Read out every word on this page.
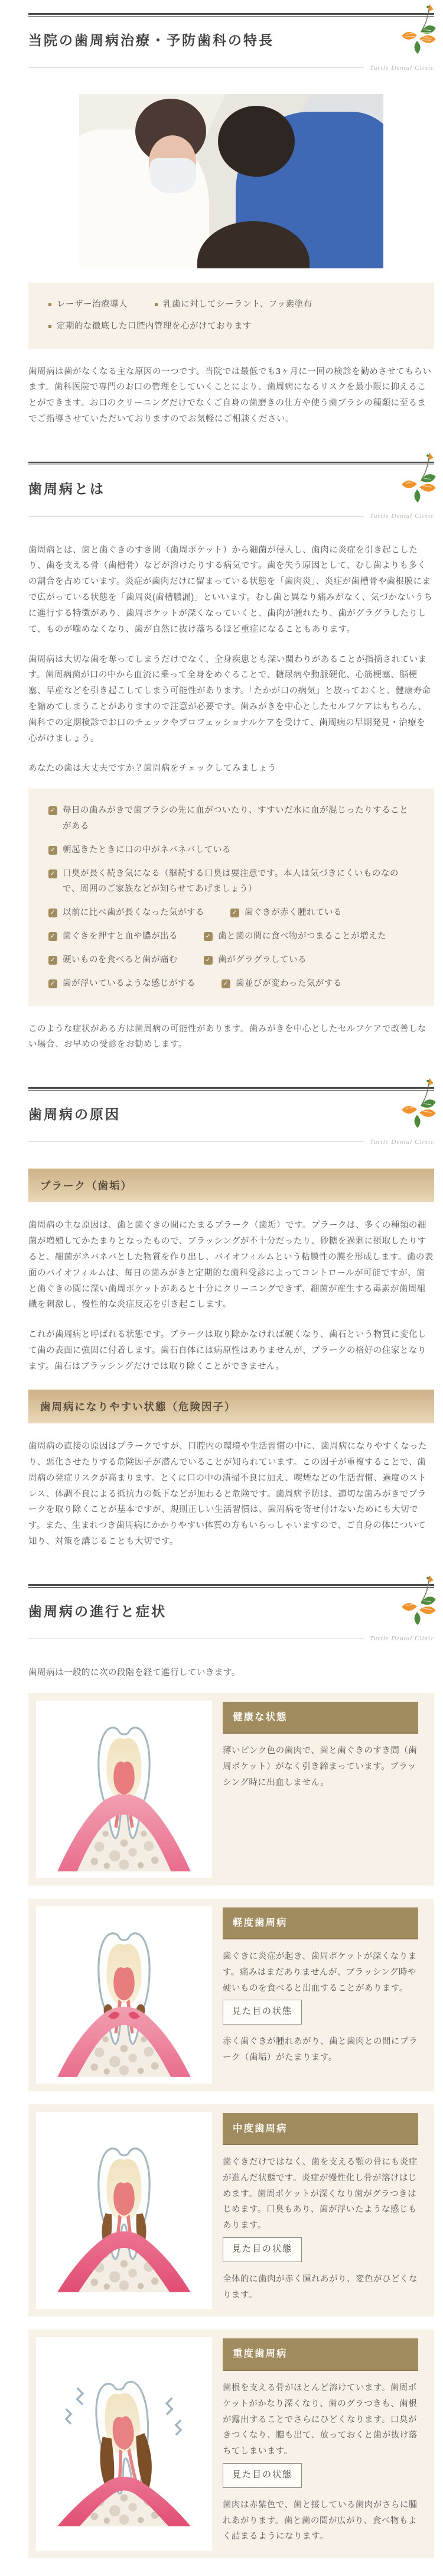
当院の歯周病治療・予防歯科の特長
Turtle Dental Clinic
レーザー治療導入	乳歯に対してシーラント、フッ素塗布
定期的な徹底した口腔内管理を心がけております

歯周病は歯がなくなる主な原因の一つです。当院では最低でも3ヶ月に一回の検診を勧めさせてもらいます。歯科医院で専門のお口の管理をしていくことにより、歯周病になるリスクを最小限に抑えることができます。お口のクリーニングだけでなくご自身の歯磨きの仕方や使う歯ブラシの種類に至るまでご指導させていただいておりますのでお気軽にご相談ください。

歯周病とは
Turtle Dental Clinic

歯周病とは、歯と歯ぐきのすき間（歯周ポケット）から細菌が侵入し、歯肉に炎症を引き起こしたり、歯を支える骨（歯槽骨）などが溶けたりする病気です。歯を失う原因として、むし歯よりも多くの割合を占めています。炎症が歯肉だけに留まっている状態を「歯肉炎」、炎症が歯槽骨や歯根膜にまで広がっている状態を「歯周炎(歯槽膿漏)」といいます。むし歯と異なり痛みがなく、気づかないうちに進行する特徴があり、歯周ポケットが深くなっていくと、歯肉が腫れたり、歯がグラグラしたりして、ものが噛めなくなり、歯が自然に抜け落ちるほど重症になることもあります。

歯周病は大切な歯を奪ってしまうだけでなく、全身疾患とも深い関わりがあることが指摘されています。歯周病菌が口の中から血流に乗って全身をめぐることで、糖尿病や動脈硬化、心筋梗塞、脳梗塞、早産などを引き起こしてしまう可能性があります。「たかが口の病気」と放っておくと、健康寿命を縮めてしまうことがありますので注意が必要です。歯みがきを中心としたセルフケアはもちろん、歯科での定期検診でお口のチェックやプロフェッショナルケアを受けて、歯周病の早期発見・治療を心がけましょう。

あなたの歯は大丈夫ですか？歯周病をチェックしてみましょう

✓ 毎日の歯みがきで歯ブラシの先に血がついたり、すすいだ水に血が混じったりすることがある
✓ 朝起きたときに口の中がネバネバしている
✓ 口臭が長く続き気になる（継続する口臭は要注意です。本人は気づきにくいものなので、周囲のご家族などが知らせてあげましょう）
✓ 以前に比べ歯が長くなった気がする	✓ 歯ぐきが赤く腫れている
✓ 歯ぐきを押すと血や膿が出る	✓ 歯と歯の間に食べ物がつまることが増えた
✓ 硬いものを食べると歯が痛む	✓ 歯がグラグラしている
✓ 歯が浮いているような感じがする	✓ 歯並びが変わった気がする

このような症状がある方は歯周病の可能性があります。歯みがきを中心としたセルフケアで改善しない場合、お早めの受診をお勧めします。

歯周病の原因
Turtle Dental Clinic
プラーク（歯垢）

歯周病の主な原因は、歯と歯ぐきの間にたまるプラーク（歯垢）です。プラークは、多くの種類の細菌が増殖してかたまりとなったもので、ブラッシングが不十分だったり、砂糖を過剰に摂取したりすると、細菌がネバネバとした物質を作り出し、バイオフィルムという粘膜性の膜を形成します。歯の表面のバイオフィルムは、毎日の歯みがきと定期的な歯科受診によってコントロールが可能ですが、歯と歯ぐきの間に深い歯周ポケットがあると十分にクリーニングできず、細菌が産生する毒素が歯周組織を刺激し、慢性的な炎症反応を引き起こします。

これが歯周病と呼ばれる状態です。プラークは取り除かなければ硬くなり、歯石という物質に変化して歯の表面に強固に付着します。歯石自体には病原性はありませんが、プラークの格好の住家となります。歯石はブラッシングだけでは取り除くことができません。

歯周病になりやすい状態（危険因子）

歯周病の直接の原因はプラークですが、口腔内の環境や生活習慣の中に、歯周病になりやすくなったり、悪化させたりする危険因子が潜んでいることが知られています。この因子が重複することで、歯周病の発症リスクが高まります。とくに口の中の清掃不良に加え、喫煙などの生活習慣、過度のストレス、体調不良による抵抗力の低下などが加わると危険です。歯周病予防は、適切な歯みがきでプラークを取り除くことが基本ですが、規則正しい生活習慣は、歯周病を寄せ付けないためにも大切です。また、生まれつき歯周病にかかりやすい体質の方もいらっしゃいますので、ご自身の体について知り、対策を講じることも大切です。

歯周病の進行と症状
Turtle Dental Clinic

歯周病は一般的に次の段階を経て進行していきます。

健康な状態

薄いピンク色の歯肉で、歯と歯ぐきのすき間（歯周ポケット）がなく引き締まっています。ブラッシング時に出血しません。

軽度歯周病

歯ぐきに炎症が起き、歯周ポケットが深くなります。痛みはまだありませんが、ブラッシング時や硬いものを食べると出血することがあります。

見た目の状態

赤く歯ぐきが腫れあがり、歯と歯肉との間にプラーク（歯垢）がたまります。

中度歯周病

歯ぐきだけではなく、歯を支える顎の骨にも炎症が進んだ状態です。炎症が慢性化し骨が溶けはじめます。歯周ポケットが深くなり歯がグラつきはじめます。口臭もあり、歯が浮いたような感じもあります。

見た目の状態

全体的に歯肉が赤く腫れあがり、変色がひどくなります。

重度歯周病

歯根を支える骨がほとんど溶けています。歯周ポケットがかなり深くなり、歯のグラつきも、歯根が露出することでさらにひどくなります。口臭がきつくなり、膿も出て、放っておくと歯が抜け落ちてしまいます。

見た目の状態

歯肉は赤紫色で、歯と接している歯肉がさらに腫れあがります。歯と歯の間が広がり、食べ物もよく詰まるようになります。
